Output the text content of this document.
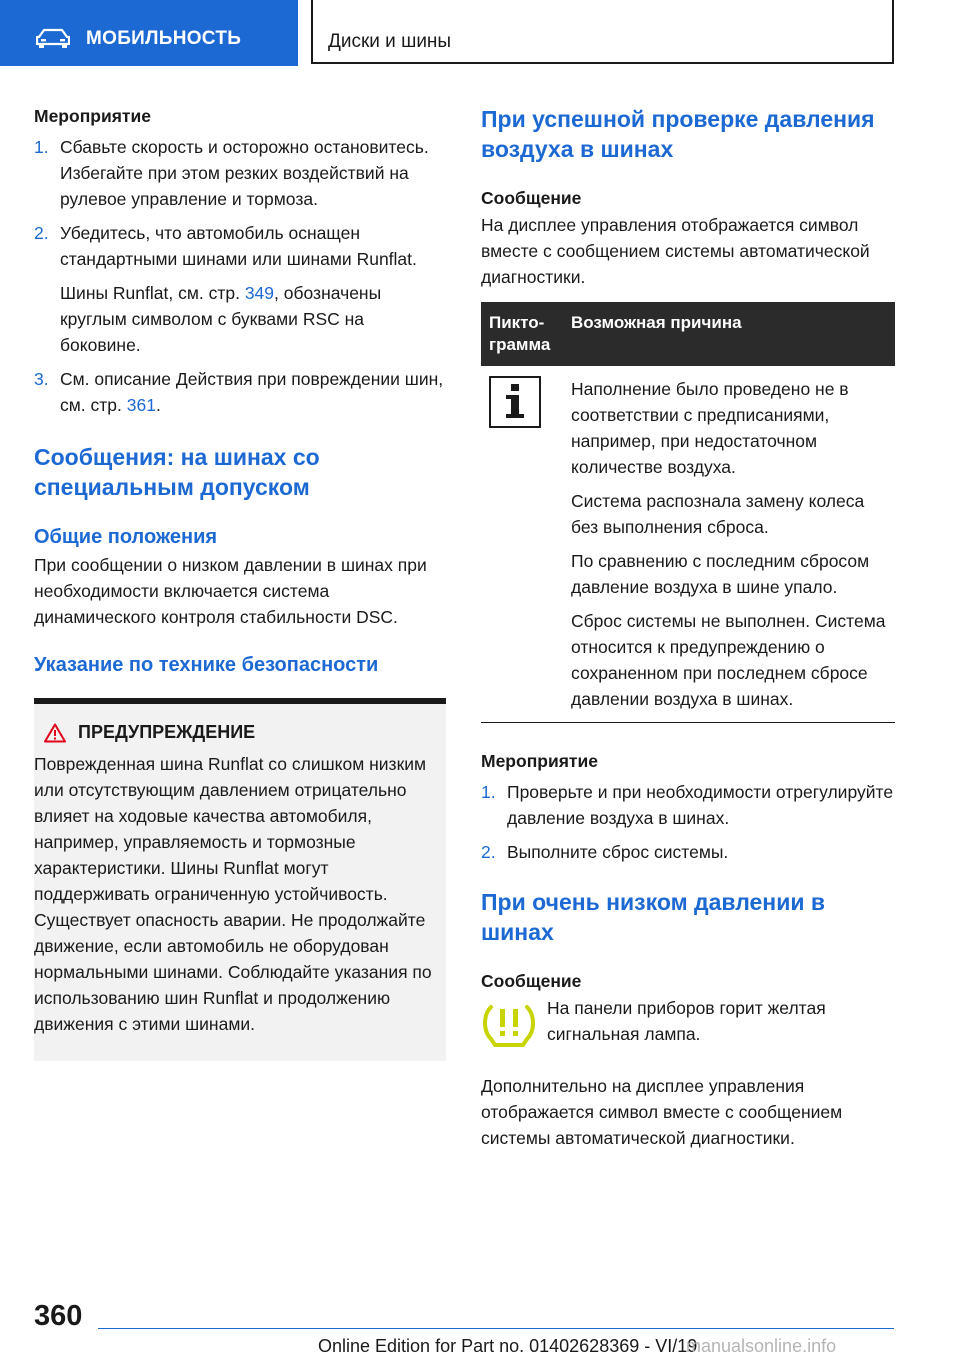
МОБИЛЬНОСТЬ	Диски и шины

Мероприятие

1. Сбавьте скорость и осторожно остановитесь. Избегайте при этом резких воздействий на рулевое управление и тормоза.
2. Убедитесь, что автомобиль оснащен стандартными шинами или шинами Runflat.
Шины Runflat, см. стр. 349, обозначены круглым символом с буквами RSC на боковине.
3. См. описание Действия при повреждении шин, см. стр. 361.

Сообщения: на шинах со специальным допуском

Общие положения

При сообщении о низком давлении в шинах при необходимости включается система динамического контроля стабильности DSC.

Указание по технике безопасности

ПРЕДУПРЕЖДЕНИЕ

Поврежденная шина Runflat со слишком низким или отсутствующим давлением отрицательно влияет на ходовые качества автомобиля, например, управляемость и тормозные характеристики. Шины Runflat могут поддерживать ограниченную устойчивость. Существует опасность аварии. Не продолжайте движение, если автомобиль не оборудован нормальными шинами. Соблюдайте указания по использованию шин Runflat и продолжению движения с этими шинами.

При успешной проверке давления воздуха в шинах

Сообщение

На дисплее управления отображается символ вместе с сообщением системы автоматической диагностики.

Пиктограмма	Возможная причина

Наполнение было проведено не в соответствии с предписаниями, например, при недостаточном количестве воздуха.

Система распознала замену колеса без выполнения сброса.

По сравнению с последним сбросом давление воздуха в шине упало.

Сброс системы не выполнен. Система относится к предупреждению о сохраненном при последнем сбросе давлении воздуха в шинах.

Мероприятие

1. Проверьте и при необходимости отрегулируйте давление воздуха в шинах.
2. Выполните сброс системы.

При очень низком давлении в шинах

Сообщение

На панели приборов горит желтая сигнальная лампа.

Дополнительно на дисплее управления отображается символ вместе с сообщением системы автоматической диагностики.

360
Online Edition for Part no. 01402628369 - VI/19
manualsonline.info
